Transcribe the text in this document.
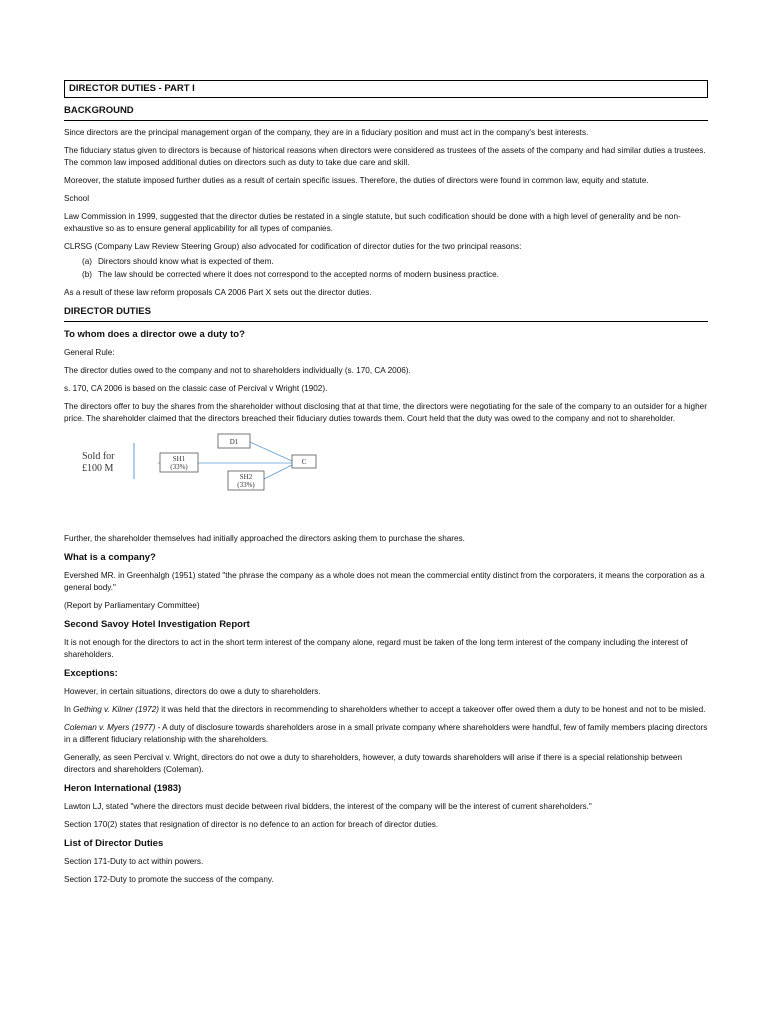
DIRECTOR DUTIES - PART I
BACKGROUND

Since directors are the principal management organ of the company, they are in a fiduciary position and must act in the company's best interests.

The fiduciary status given to directors is because of historical reasons when directors were considered as trustees of the assets of the company and had similar duties a trustees. The common law imposed additional duties on directors such as duty to take due care and skill.

Moreover, the statute imposed further duties as a result of certain specific issues. Therefore, the duties of directors were found in common law, equity and statute.

School

Law Commission in 1999, suggested that the director duties be restated in a single statute, but such codification should be done with a high level of generality and be non-exhaustive so as to ensure general applicability for all types of companies.

CLRSG (Company Law Review Steering Group) also advocated for codification of director duties for the two principal reasons:

(a) Directors should know what is expected of them.
(b) The law should be corrected where it does not correspond to the accepted norms of modern business practice.

As a result of these law reform proposals CA 2006 Part X sets out the director duties.

DIRECTOR DUTIES
To whom does a director owe a duty to?

General Rule:

The director duties owed to the company and not to shareholders individually (s. 170, CA 2006).

s. 170, CA 2006 is based on the classic case of Percival v Wright (1902).

The directors offer to buy the shares from the shareholder without disclosing that at that time, the directors were negotiating for the sale of the company to an outsider for a higher price. The shareholder claimed that the directors breached their fiduciary duties towards them. Court held that the duty was owed to the company and not to shareholder.

Sold for
£100 M
SH1
(33%)
D1
C
SH2
(33%)

Further, the shareholder themselves had initially approached the directors asking them to purchase the shares.

What is a company?

Evershed MR. in Greenhalgh (1951) stated "the phrase the company as a whole does not mean the commercial entity distinct from the corporaters, it means the corporation as a general body."

(Report by Parliamentary Committee)

Second Savoy Hotel Investigation Report

It is not enough for the directors to act in the short term interest of the company alone, regard must be taken of the long term interest of the company including the interest of shareholders.

Exceptions:

However, in certain situations, directors do owe a duty to shareholders.

In Gething v. Kilner (1972) it was held that the directors in recommending to shareholders whether to accept a takeover offer owed them a duty to be honest and not to be misled.

Coleman v. Myers (1977) - A duty of disclosure towards shareholders arose in a small private company where shareholders were handful, few of family members placing directors in a different fiduciary relationship with the shareholders.

Generally, as seen Percival v. Wright, directors do not owe a duty to shareholders, however, a duty towards shareholders will arise if there is a special relationship between directors and shareholders (Coleman).

Heron International (1983)

Lawton LJ, stated "where the directors must decide between rival bidders, the interest of the company will be the interest of current shareholders."

Section 170(2) states that resignation of director is no defence to an action for breach of director duties.

List of Director Duties

Section 171-Duty to act within powers.

Section 172-Duty to promote the success of the company.
